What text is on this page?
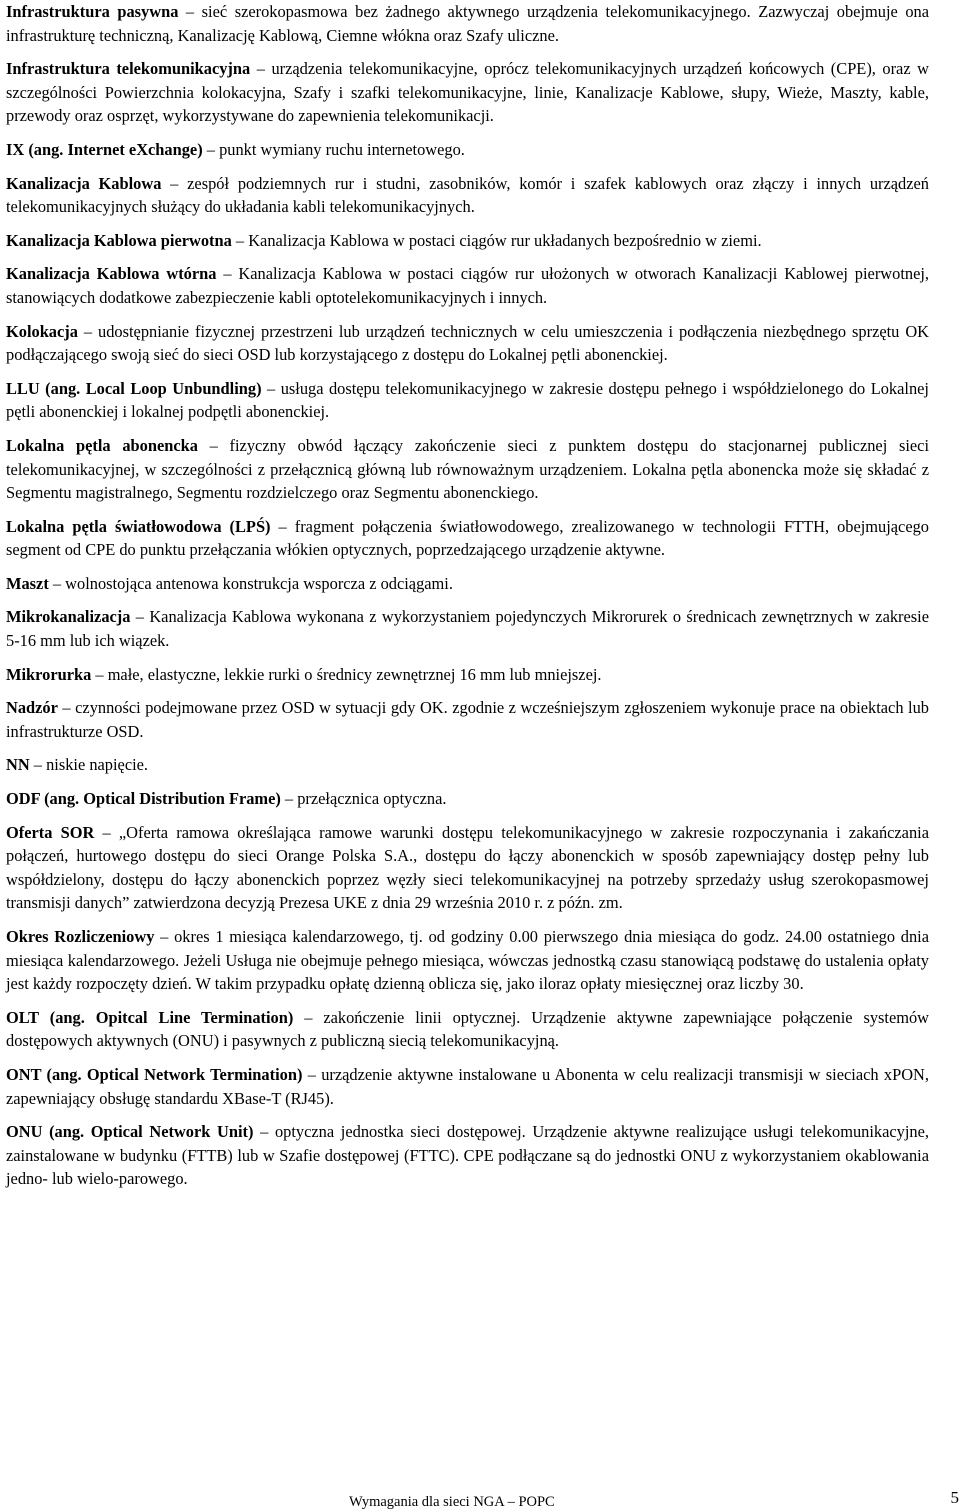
Infrastruktura pasywna – sieć szerokopasmowa bez żadnego aktywnego urządzenia telekomunikacyjnego. Zazwyczaj obejmuje ona infrastrukturę techniczną, Kanalizację Kablową, Ciemne włókna oraz Szafy uliczne.

Infrastruktura telekomunikacyjna – urządzenia telekomunikacyjne, oprócz telekomunikacyjnych urządzeń końcowych (CPE), oraz w szczególności Powierzchnia kolokacyjna, Szafy i szafki telekomunikacyjne, linie, Kanalizacje Kablowe, słupy, Wieże, Maszty, kable, przewody oraz osprzęt, wykorzystywane do zapewnienia telekomunikacji.

IX (ang. Internet eXchange) – punkt wymiany ruchu internetowego.

Kanalizacja Kablowa – zespół podziemnych rur i studni, zasobników, komór i szafek kablowych oraz złączy i innych urządzeń telekomunikacyjnych służący do układania kabli telekomunikacyjnych.

Kanalizacja Kablowa pierwotna – Kanalizacja Kablowa w postaci ciągów rur układanych bezpośrednio w ziemi.

Kanalizacja Kablowa wtórna – Kanalizacja Kablowa w postaci ciągów rur ułożonych w otworach Kanalizacji Kablowej pierwotnej, stanowiących dodatkowe zabezpieczenie kabli optotelekomunikacyjnych i innych.

Kolokacja – udostępnianie fizycznej przestrzeni lub urządzeń technicznych w celu umieszczenia i podłączenia niezbędnego sprzętu OK podłączającego swoją sieć do sieci OSD lub korzystającego z dostępu do Lokalnej pętli abonenckiej.

LLU (ang. Local Loop Unbundling) – usługa dostępu telekomunikacyjnego w zakresie dostępu pełnego i współdzielonego do Lokalnej pętli abonenckiej i lokalnej podpętli abonenckiej.

Lokalna pętla abonencka – fizyczny obwód łączący zakończenie sieci z punktem dostępu do stacjonarnej publicznej sieci telekomunikacyjnej, w szczególności z przełącznicą główną lub równoważnym urządzeniem. Lokalna pętla abonencka może się składać z Segmentu magistralnego, Segmentu rozdzielczego oraz Segmentu abonenckiego.

Lokalna pętla światłowodowa (LPŚ) – fragment połączenia światłowodowego, zrealizowanego w technologii FTTH, obejmującego segment od CPE do punktu przełączania włókien optycznych, poprzedzającego urządzenie aktywne.

Maszt – wolnostojąca antenowa konstrukcja wsporcza z odciągami.

Mikrokanalizacja – Kanalizacja Kablowa wykonana z wykorzystaniem pojedynczych Mikrorurek o średnicach zewnętrznych w zakresie 5-16 mm lub ich wiązek.

Mikrorurka – małe, elastyczne, lekkie rurki o średnicy zewnętrznej 16 mm lub mniejszej.

Nadzór – czynności podejmowane przez OSD w sytuacji gdy OK. zgodnie z wcześniejszym zgłoszeniem wykonuje prace na obiektach lub infrastrukturze OSD.

NN – niskie napięcie.

ODF (ang. Optical Distribution Frame) – przełącznica optyczna.

Oferta SOR – „Oferta ramowa określająca ramowe warunki dostępu telekomunikacyjnego w zakresie rozpoczynania i zakańczania połączeń, hurtowego dostępu do sieci Orange Polska S.A., dostępu do łączy abonenckich w sposób zapewniający dostęp pełny lub współdzielony, dostępu do łączy abonenckich poprzez węzły sieci telekomunikacyjnej na potrzeby sprzedaży usług szerokopasmowej transmisji danych” zatwierdzona decyzją Prezesa UKE z dnia 29 września 2010 r. z późn. zm.

Okres Rozliczeniowy – okres 1 miesiąca kalendarzowego, tj. od godziny 0.00 pierwszego dnia miesiąca do godz. 24.00 ostatniego dnia miesiąca kalendarzowego. Jeżeli Usługa nie obejmuje pełnego miesiąca, wówczas jednostką czasu stanowiącą podstawę do ustalenia opłaty jest każdy rozpoczęty dzień. W takim przypadku opłatę dzienną oblicza się, jako iloraz opłaty miesięcznej oraz liczby 30.

OLT (ang. Opitcal Line Termination) – zakończenie linii optycznej. Urządzenie aktywne zapewniające połączenie systemów dostępowych aktywnych (ONU) i pasywnych z publiczną siecią telekomunikacyjną.

ONT (ang. Optical Network Termination) – urządzenie aktywne instalowane u Abonenta w celu realizacji transmisji w sieciach xPON, zapewniający obsługę standardu XBase-T (RJ45).

ONU (ang. Optical Network Unit) – optyczna jednostka sieci dostępowej. Urządzenie aktywne realizujące usługi telekomunikacyjne, zainstalowane w budynku (FTTB) lub w Szafie dostępowej (FTTC). CPE podłączane są do jednostki ONU z wykorzystaniem okablowania jedno- lub wielo-parowego.

Wymagania dla sieci NGA – POPC	5
